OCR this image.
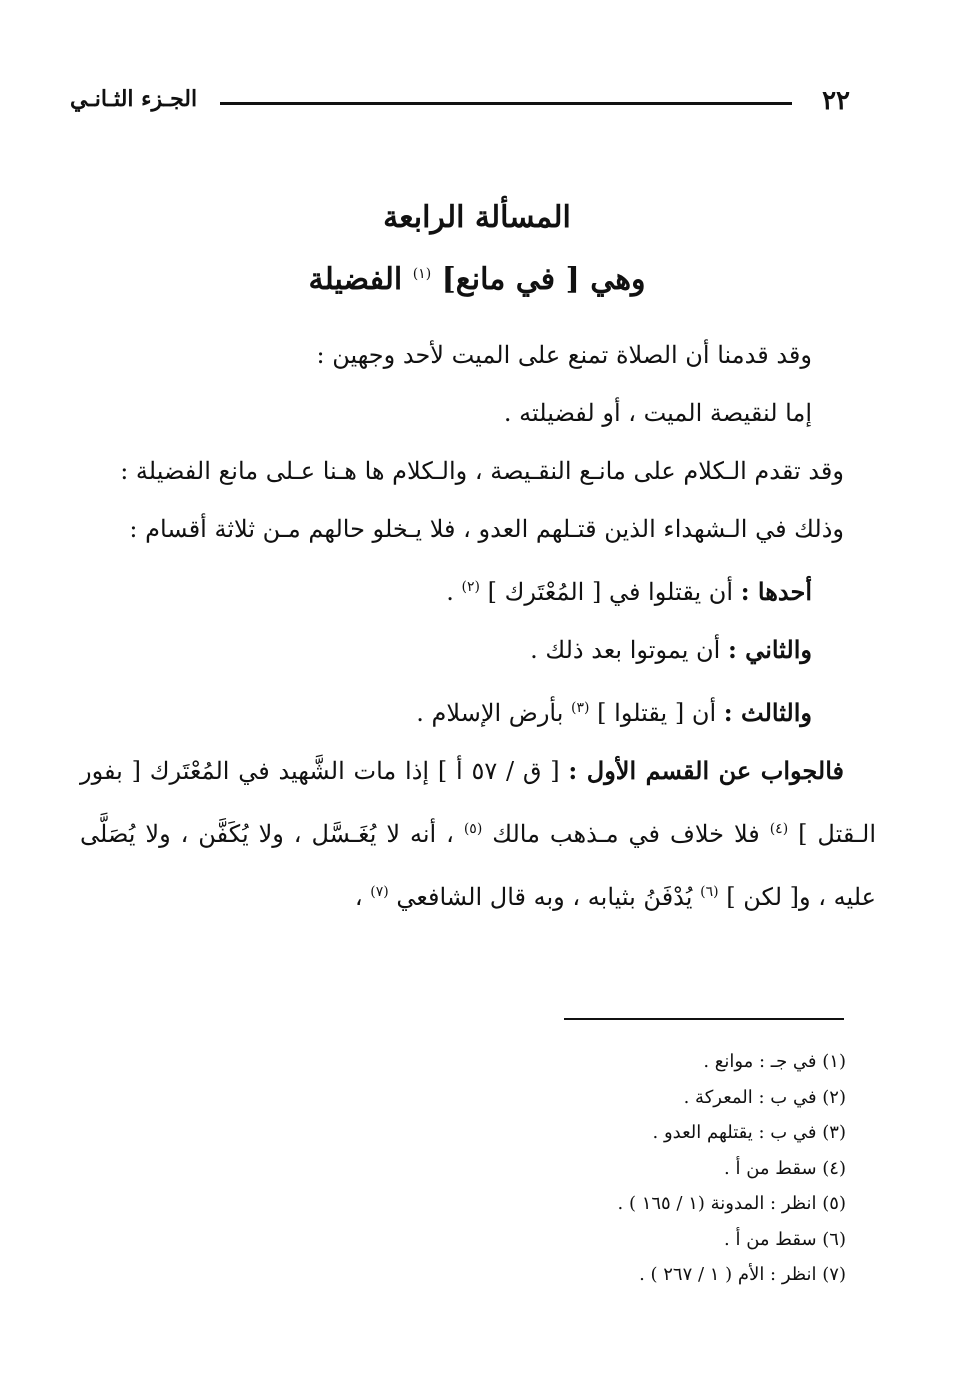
٢٢
الجـزء الثـانـي
المسألة الرابعة
وهي [ في مانع] $^{(١)}$ الفضيلة

وقد قدمنا أن الصلاة تمنع على الميت لأحد وجهين :

إما لنقيصة الميت ، أو لفضيلته .

وقد تقدم الـكلام على مانـع النقـيصة ، والـكلام ها هـنا عـلى مانع الفضيلة :

وذلك في الـشهداء الذين قتـلهم العدو ، فلا يـخلو حالهم مـن ثلاثة أقسام :

أحدها : أن يقتلوا في [ المُعْتَرك ] $^{(٢)}$ .

والثاني : أن يموتوا بعد ذلك .

والثالث : أن [ يقتلوا ] $^{(٣)}$ بأرض الإسلام .

فالجواب عن القسم الأول : [ ق / ٥٧ أ ] إذا مات الشَّهيد في المُعْتَرك [ بفور الـقتل ] $^{(٤)}$ فلا خلاف في مـذهب مالك $^{(٥)}$ ، أنه لا يُغَـسَّل ، ولا يُكَفَّن ، ولا يُصَلَّى عليه ، و[ لكن ] $^{(٦)}$ يُدْفَنُ بثيابه ، وبه قال الشافعي $^{(٧)}$ ،

(١) في جـ : موانع .
(٢) في ب : المعركة .
(٣) في ب : يقتلهم العدو .
(٤) سقط من أ .
(٥) انظر : المدونة (١ / ١٦٥ ) .
(٦) سقط من أ .
(٧) انظر : الأم ( ١ / ٢٦٧ ) .
